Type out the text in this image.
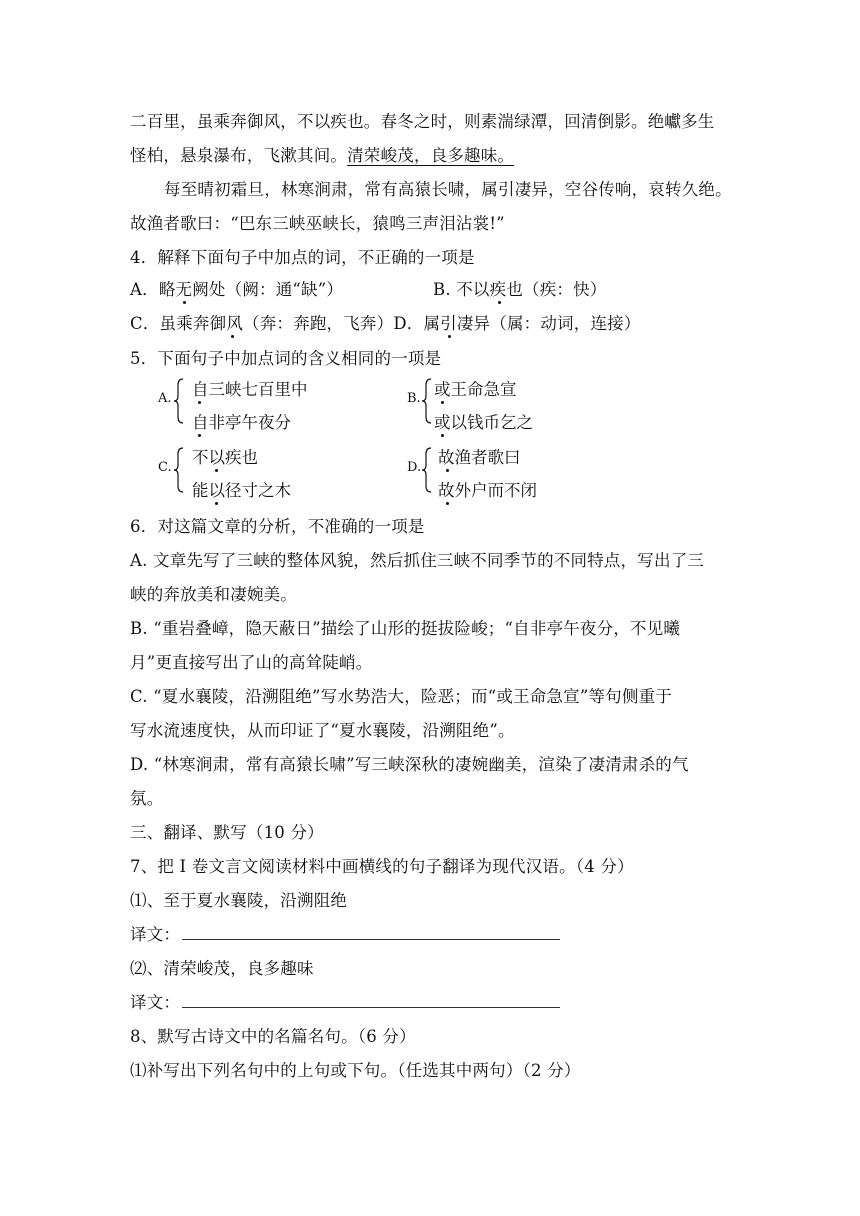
二百里，虽乘奔御风，不以疾也。春冬之时，则素湍绿潭，回清倒影。绝巘多生
怪柏，悬泉瀑布，飞漱其间。清荣峻茂，良多趣味。
每至晴初霜旦，林寒涧肃，常有高猿长啸，属引凄异，空谷传响，哀转久绝。
故渔者歌曰：“巴东三峡巫峡长，猿鸣三声泪沾裳!”
4．解释下面句子中加点的词，不正确的一项是
A．略无阙处（阙：通“缺”）	B. 不以疾也（疾：快）
C．虽乘奔御风（奔：奔跑，飞奔）D．属引凄异（属：动词，连接）
5．下面句子中加点词的含义相同的一项是
A. 自三峡七百里中
自非亭午夜分
B. 或王命急宣
或以钱币乞之
C.
不以疾也
能以径寸之木
D.
故渔者歌曰
故外户而不闭
6．对这篇文章的分析，不准确的一项是
A. 文章先写了三峡的整体风貌，然后抓住三峡不同季节的不同特点，写出了三
峡的奔放美和凄婉美。
B. “重岩叠嶂，隐天蔽日”描绘了山形的挺拔险峻；“自非亭午夜分，不见曦
月”更直接写出了山的高耸陡峭。
C. “夏水襄陵，沿溯阻绝”写水势浩大，险恶；而“或王命急宣”等句侧重于
写水流速度快，从而印证了“夏水襄陵，沿溯阻绝”。
D. “林寒涧肃，常有高猿长啸”写三峡深秋的凄婉幽美，渲染了凄清肃杀的气
氛。
三、翻译、默写（10 分）
7、把 I 卷文言文阅读材料中画横线的句子翻译为现代汉语。（4 分）
⑴、至于夏水襄陵，沿溯阻绝
译文：
⑵、清荣峻茂，良多趣味
译文：
8、默写古诗文中的名篇名句。（6 分）
⑴补写出下列名句中的上句或下句。（任选其中两句）（2 分）
